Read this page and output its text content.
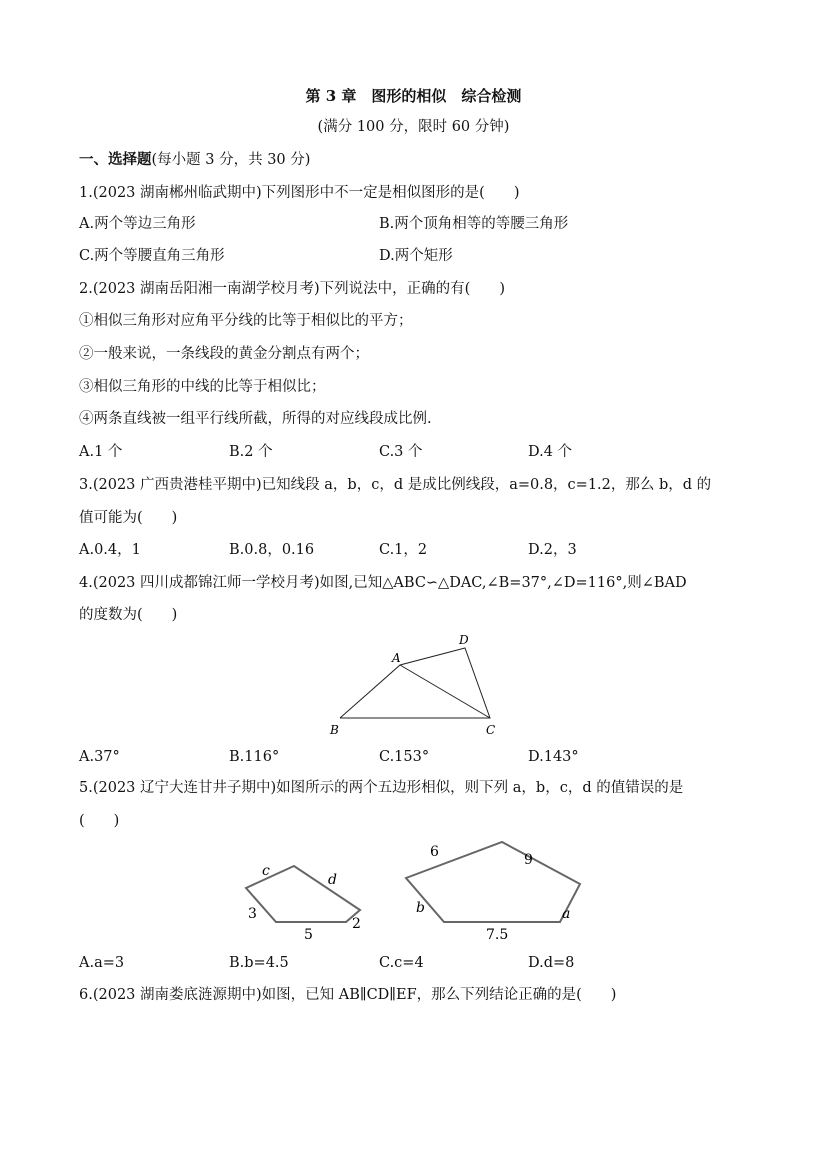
第 3 章　图形的相似　综合检测
(满分 100 分，限时 60 分钟)
一、选择题(每小题 3 分，共 30 分)
1.(2023 湖南郴州临武期中)下列图形中不一定是相似图形的是(　　)
A.两个等边三角形	B.两个顶角相等的等腰三角形
C.两个等腰直角三角形	D.两个矩形
2.(2023 湖南岳阳湘一南湖学校月考)下列说法中，正确的有(　　)
①相似三角形对应角平分线的比等于相似比的平方；
②一般来说，一条线段的黄金分割点有两个；
③相似三角形的中线的比等于相似比；
④两条直线被一组平行线所截，所得的对应线段成比例.
A.1 个	B.2 个	C.3 个	D.4 个
3.(2023 广西贵港桂平期中)已知线段 a，b，c，d 是成比例线段，a=0.8，c=1.2，那么 b，d 的
值可能为(　　)
A.0.4，1	B.0.8，0.16	C.1，2	D.2，3
4.(2023 四川成都锦江师一学校月考)如图,已知△ABC∽△DAC,∠B=37°,∠D=116°,则∠BAD
的度数为(　　)
A
B	C
D
A.37°	B.116°	C.153°	D.143°
5.(2023 辽宁大连甘井子期中)如图所示的两个五边形相似，则下列 a，b，c，d 的值错误的是
(　　)
c
d
3
5
2
6	9
b
7.5
a
A.a=3	B.b=4.5	C.c=4	D.d=8
6.(2023 湖南娄底涟源期中)如图，已知 AB∥CD∥EF，那么下列结论正确的是(　　)
